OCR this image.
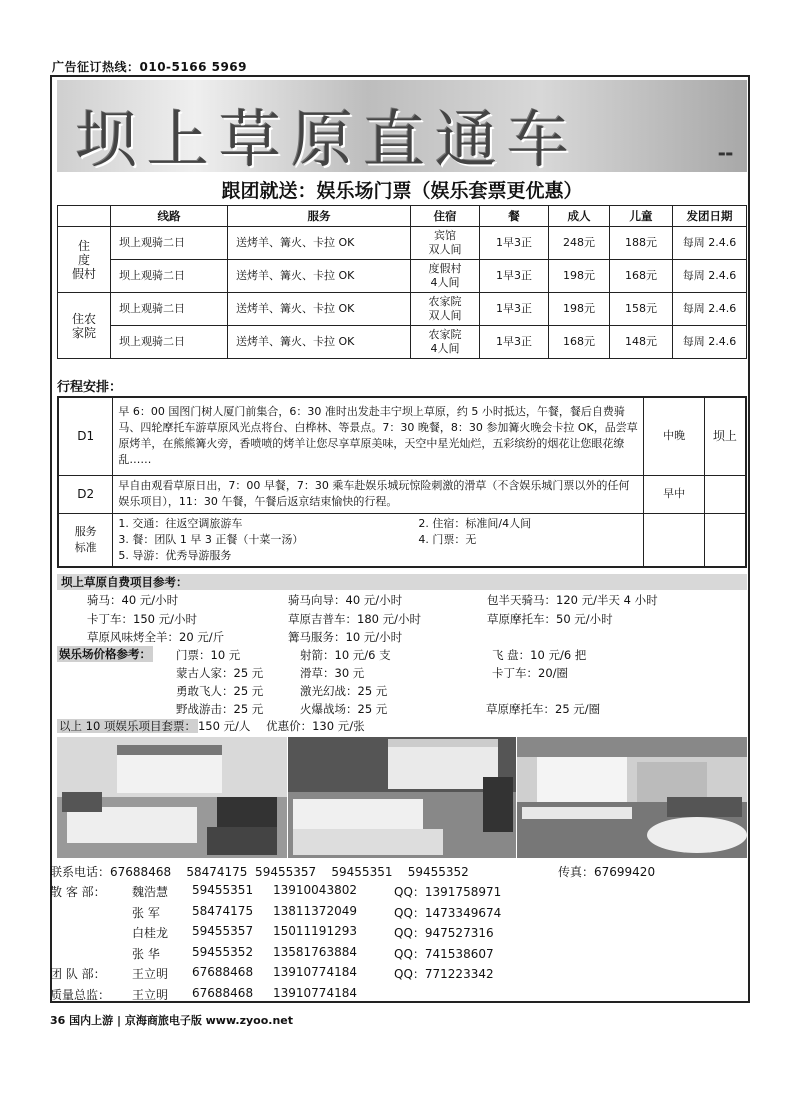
广告征订热线：010-5166 5969
坝上草原直通车	▬▬
跟团就送：娱乐场门票（娱乐套票更优惠）
	线路	服务	住宿	餐	成人	儿童	发团日期
住
度
假村	坝上观骑二日	送烤羊、篝火、卡拉 OK	宾馆
双人间	1早3正	248元	188元	每周 2.4.6
	坝上观骑二日	送烤羊、篝火、卡拉 OK	度假村
4人间	1早3正	198元	168元	每周 2.4.6
住农
家院	坝上观骑二日	送烤羊、篝火、卡拉 OK	农家院
双人间	1早3正	198元	158元	每周 2.4.6
	坝上观骑二日	送烤羊、篝火、卡拉 OK	农家院
4人间	1早3正	168元	148元	每周 2.4.6
行程安排：
D1	早 6：00 国图门树人厦门前集合，6：30 准时出发赴丰宁坝上草原，约 5 小时抵达，午餐，餐后自费骑马、四轮摩托车游草原风光点将台、白桦林、等景点。7：30 晚餐，8：30 参加篝火晚会卡拉 OK，品尝草原烤羊，在熊熊篝火旁，香喷喷的烤羊让您尽享草原美味，天空中星光灿烂，五彩缤纷的烟花让您眼花缭乱……	中晚	坝上
D2	早自由观看草原日出，7：00 早餐，7：30 乘车赴娱乐城玩惊险刺激的滑草（不含娱乐城门票以外的任何娱乐项目），11：30 午餐，午餐后返京结束愉快的行程。	早中	
服务
标准	1. 交通：往返空调旅游车 2. 住宿：标准间/4人间
3. 餐：团队 1 早 3 正餐（十菜一汤） 4. 门票：无
5. 导游：优秀导游服务		

坝上草原自费项目参考：
骑马：40 元/小时	骑马向导：40 元/小时	包半天骑马：120 元/半天 4 小时
卡丁车：150 元/小时	草原吉普车：180 元/小时	草原摩托车：50 元/小时
草原风味烤全羊：20 元/斤	篝马服务：10 元/小时
娱乐场价格参考： 门票：10 元	射箭：10 元/6 支	飞 盘：10 元/6 把
蒙古人家：25 元	滑草：30 元	卡丁车：20/圈
勇敢飞人：25 元	激光幻战：25 元
野战游击：25 元	火爆战场：25 元	草原摩托车：25 元/圈
以上 10 项娱乐项目套票： 150 元/人 优惠价：130 元/张
联系电话：67688468    58474175  59455357    59455351    59455352	传真：67699420
散 客 部： 魏浩慧 59455351 13910043802	QQ：1391758971
张 军	58474175 13811372049	QQ：1473349674
白桂龙 59455357 15011191293	QQ：947527316
张 华	59455352 13581763884	QQ：741538607
团 队 部： 王立明 67688468 13910774184	QQ：771223342
质量总监： 王立明 67688468 13910774184
36 国内上游 | 京海商旅电子版 www.zyoo.net
